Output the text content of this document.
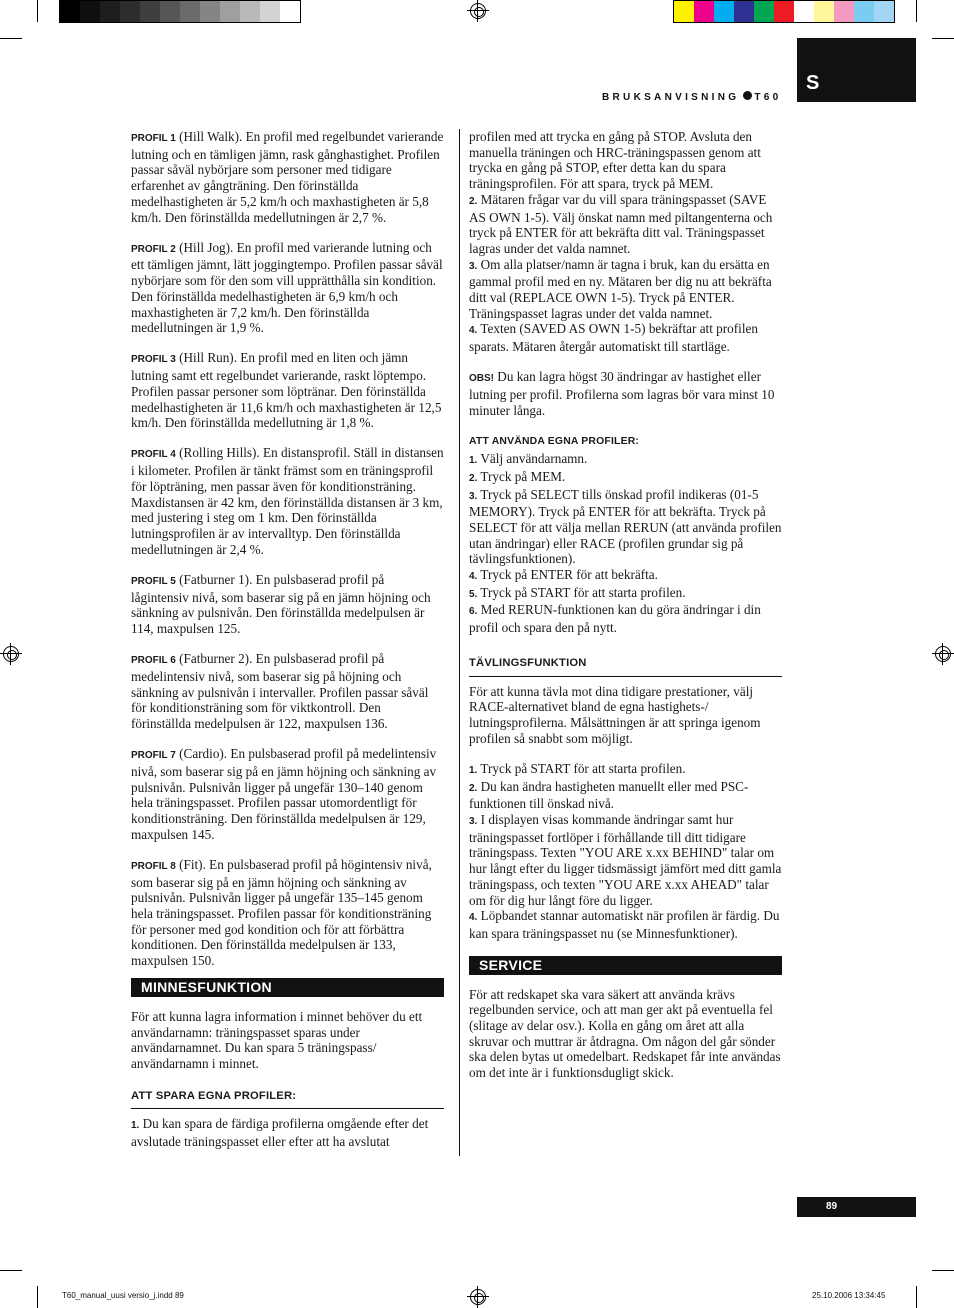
S
BRUKSANVISNING T60

PROFIL 1 (Hill Walk). En profil med regelbundet varierande lutning och en tämligen jämn, rask gånghastighet. Profilen passar såväl nybörjare som personer med tidigare erfarenhet av gångträning. Den förinställda medelhastigheten är 5,2 km/h och maxhastigheten är 5,8 km/h. Den förinställda medellutningen är 2,7 %.

PROFIL 2 (Hill Jog). En profil med varierande lutning och ett tämligen jämnt, lätt joggingtempo. Profilen passar såväl nybörjare som för den som vill upprätthålla sin kondition. Den förinställda medelhastigheten är 6,9 km/h och maxhastigheten är 7,2 km/h. Den förinställda medellutningen är 1,9 %.

PROFIL 3 (Hill Run). En profil med en liten och jämn lutning samt ett regelbundet varierande, raskt löptempo. Profilen passar personer som löptränar. Den förinställda medelhastigheten är 11,6 km/h och maxhastigheten är 12,5 km/h. Den förinställda medellutning är 1,8 %.

PROFIL 4 (Rolling Hills). En distansprofil. Ställ in distansen i kilometer. Profilen är tänkt främst som en träningsprofil för löpträning, men passar även för konditionsträning. Maxdistansen är 42 km, den förinställda distansen är 3 km, med justering i steg om 1 km. Den förinställda lutningsprofilen är av intervalltyp. Den förinställda medellutningen är 2,4 %.

PROFIL 5 (Fatburner 1). En pulsbaserad profil på lågintensiv nivå, som baserar sig på en jämn höjning och sänkning av pulsnivån. Den förinställda medelpulsen är 114, maxpulsen 125.

PROFIL 6 (Fatburner 2). En pulsbaserad profil på medelintensiv nivå, som baserar sig på höjning och sänkning av pulsnivån i intervaller. Profilen passar såväl för konditionsträning som för viktkontroll. Den förinställda medelpulsen är 122, maxpulsen 136.

PROFIL 7 (Cardio). En pulsbaserad profil på medelintensiv nivå, som baserar sig på en jämn höjning och sänkning av pulsnivån. Pulsnivån ligger på ungefär 130–140 genom hela träningspasset. Profilen passar utomordentligt för konditionsträning. Den förinställda medelpulsen är 129, maxpulsen 145.

PROFIL 8 (Fit). En pulsbaserad profil på högintensiv nivå, som baserar sig på en jämn höjning och sänkning av pulsnivån. Pulsnivån ligger på ungefär 135–145 genom hela träningspasset. Profilen passar för konditionsträning för personer med god kondition och för att förbättra konditionen. Den förinställda medelpulsen är 133, maxpulsen 150.

MINNESFUNKTION

För att kunna lagra information i minnet behöver du ett användarnamn: träningspasset sparas under användarnamnet. Du kan spara 5 träningspass/ användarnamn i minnet.

ATT SPARA EGNA PROFILER:

1. Du kan spara de färdiga profilerna omgående efter det avslutade träningspasset eller efter att ha avslutat

profilen med att trycka en gång på STOP. Avsluta den manuella träningen och HRC-träningspassen genom att trycka en gång på STOP, efter detta kan du spara träningsprofilen. För att spara, tryck på MEM.

2. Mätaren frågar var du vill spara träningspasset (SAVE AS OWN 1-5). Välj önskat namn med piltangenterna och tryck på ENTER för att bekräfta ditt val. Träningspasset lagras under det valda namnet.

3. Om alla platser/namn är tagna i bruk, kan du ersätta en gammal profil med en ny. Mätaren ber dig nu att bekräfta ditt val (REPLACE OWN 1-5). Tryck på ENTER. Träningspasset lagras under det valda namnet.

4. Texten (SAVED AS OWN 1-5) bekräftar att profilen sparats. Mätaren återgår automatiskt till startläge.

OBS! Du kan lagra högst 30 ändringar av hastighet eller lutning per profil. Profilerna som lagras bör vara minst 10 minuter långa.

ATT ANVÄNDA EGNA PROFILER:

1. Välj användarnamn.

2. Tryck på MEM.

3. Tryck på SELECT tills önskad profil indikeras (01-5 MEMORY). Tryck på ENTER för att bekräfta. Tryck på SELECT för att välja mellan RERUN (att använda profilen utan ändringar) eller RACE (profilen grundar sig på tävlingsfunktionen).

4. Tryck på ENTER för att bekräfta.

5. Tryck på START för att starta profilen.

6. Med RERUN-funktionen kan du göra ändringar i din profil och spara den på nytt.

TÄVLINGSFUNKTION

För att kunna tävla mot dina tidigare prestationer, välj RACE-alternativet bland de egna hastighets-/ lutningsprofilerna. Målsättningen är att springa igenom profilen så snabbt som möjligt.

1. Tryck på START för att starta profilen.

2. Du kan ändra hastigheten manuellt eller med PSC-funktionen till önskad nivå.

3. I displayen visas kommande ändringar samt hur träningspasset fortlöper i förhållande till ditt tidigare träningspass. Texten "YOU ARE x.xx BEHIND" talar om hur långt efter du ligger tidsmässigt jämfört med ditt gamla träningspass, och texten "YOU ARE x.xx AHEAD" talar om för dig hur långt före du ligger.

4. Löpbandet stannar automatiskt när profilen är färdig. Du kan spara träningspasset nu (se Minnesfunktioner).

SERVICE

För att redskapet ska vara säkert att använda krävs regelbunden service, och att man ger akt på eventuella fel (slitage av delar osv.). Kolla en gång om året att alla skruvar och muttrar är åtdragna. Om någon del går sönder ska delen bytas ut omedelbart. Redskapet får inte användas om det inte är i funktionsdugligt skick.

89
T60_manual_uusi versio_j.indd 89	25.10.2006 13:34:45
